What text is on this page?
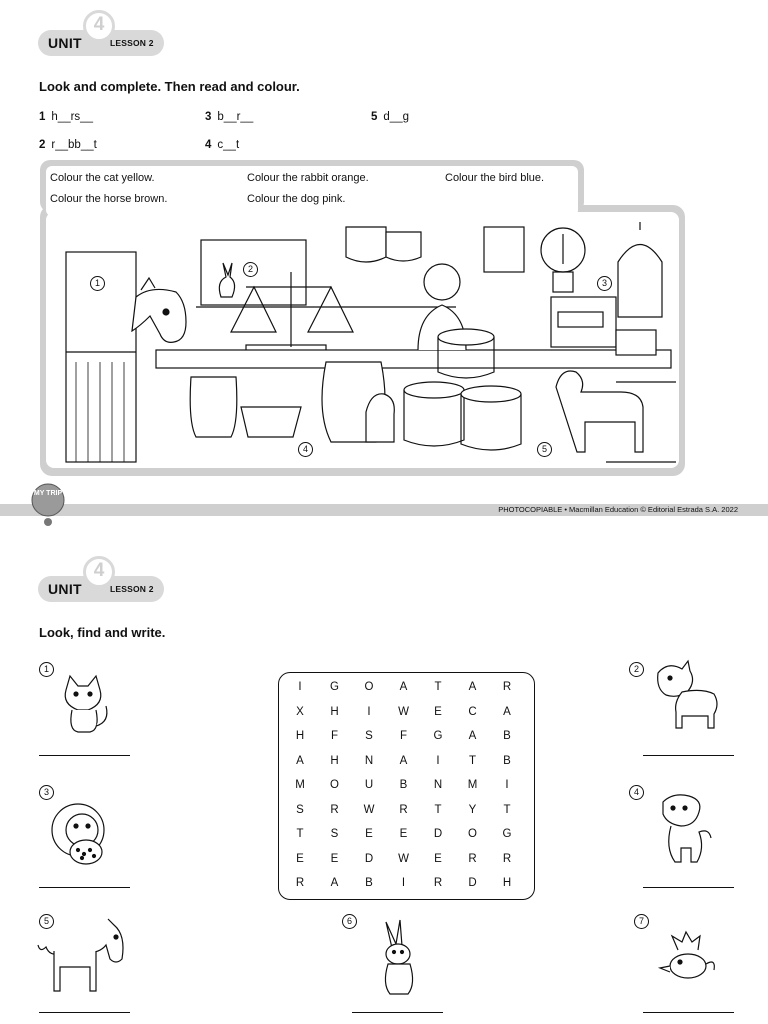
UNIT
4
LESSON 2
Look and complete. Then read and colour.
1 h__rs__
2 r__bb__t
3 b__r__
4 c__t
5 d__g
Colour the cat yellow.	Colour the rabbit orange.	Colour the bird blue.
Colour the horse brown.	Colour the dog pink.
1
2
3
4	5
PHOTOCOPIABLE • Macmillan Education © Editorial Estrada S.A. 2022
MY TRIP
UNIT
4
LESSON 2
Look, find and write.
1	2
3	4
5	6	7
I	G	O	A	T	A	R
X	H	I	W	E	C	A
H	F	S	F	G	A	B
A	H	N	A	I	T	B
M	O	U	B	N	M	I
S	R	W	R	T	Y	T
T	S	E	E	D	O	G
E	E	D	W	E	R	R
R	A	B	I	R	D	H
